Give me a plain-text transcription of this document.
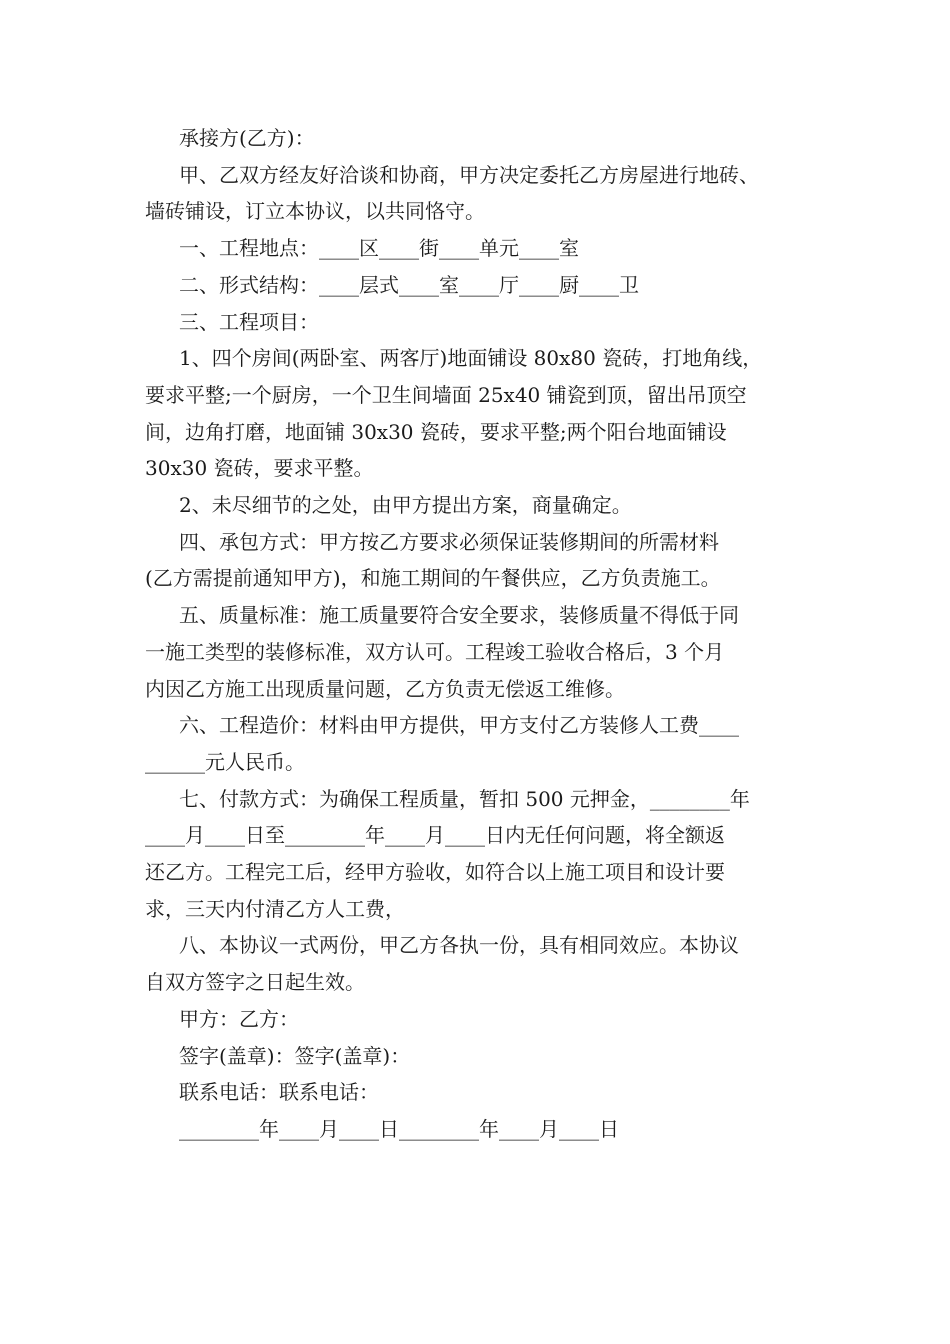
承接方(乙方)：

甲、乙双方经友好洽谈和协商，甲方决定委托乙方房屋进行地砖、
墙砖铺设，订立本协议，以共同恪守。

一、工程地点：____区____街____单元____室

二、形式结构：____层式____室____厅____厨____卫

三、工程项目：

1、四个房间(两卧室、两客厅)地面铺设 80x80 瓷砖，打地角线，
要求平整;一个厨房，一个卫生间墙面 25x40 铺瓷到顶，留出吊顶空
间，边角打磨，地面铺 30x30 瓷砖，要求平整;两个阳台地面铺设
30x30 瓷砖，要求平整。

2、未尽细节的之处，由甲方提出方案，商量确定。

四、承包方式：甲方按乙方要求必须保证装修期间的所需材料
(乙方需提前通知甲方)，和施工期间的午餐供应，乙方负责施工。

五、质量标准：施工质量要符合安全要求，装修质量不得低于同
一施工类型的装修标准，双方认可。工程竣工验收合格后，3 个月
内因乙方施工出现质量问题，乙方负责无偿返工维修。

六、工程造价：材料由甲方提供，甲方支付乙方装修人工费____
______元人民币。

七、付款方式：为确保工程质量，暂扣 500 元押金，________年
____月____日至________年____月____日内无任何问题，将全额返
还乙方。工程完工后，经甲方验收，如符合以上施工项目和设计要
求，三天内付清乙方人工费，

八、本协议一式两份，甲乙方各执一份，具有相同效应。本协议
自双方签字之日起生效。

甲方：乙方：

签字(盖章)：签字(盖章)：

联系电话：联系电话：

________年____月____日________年____月____日
